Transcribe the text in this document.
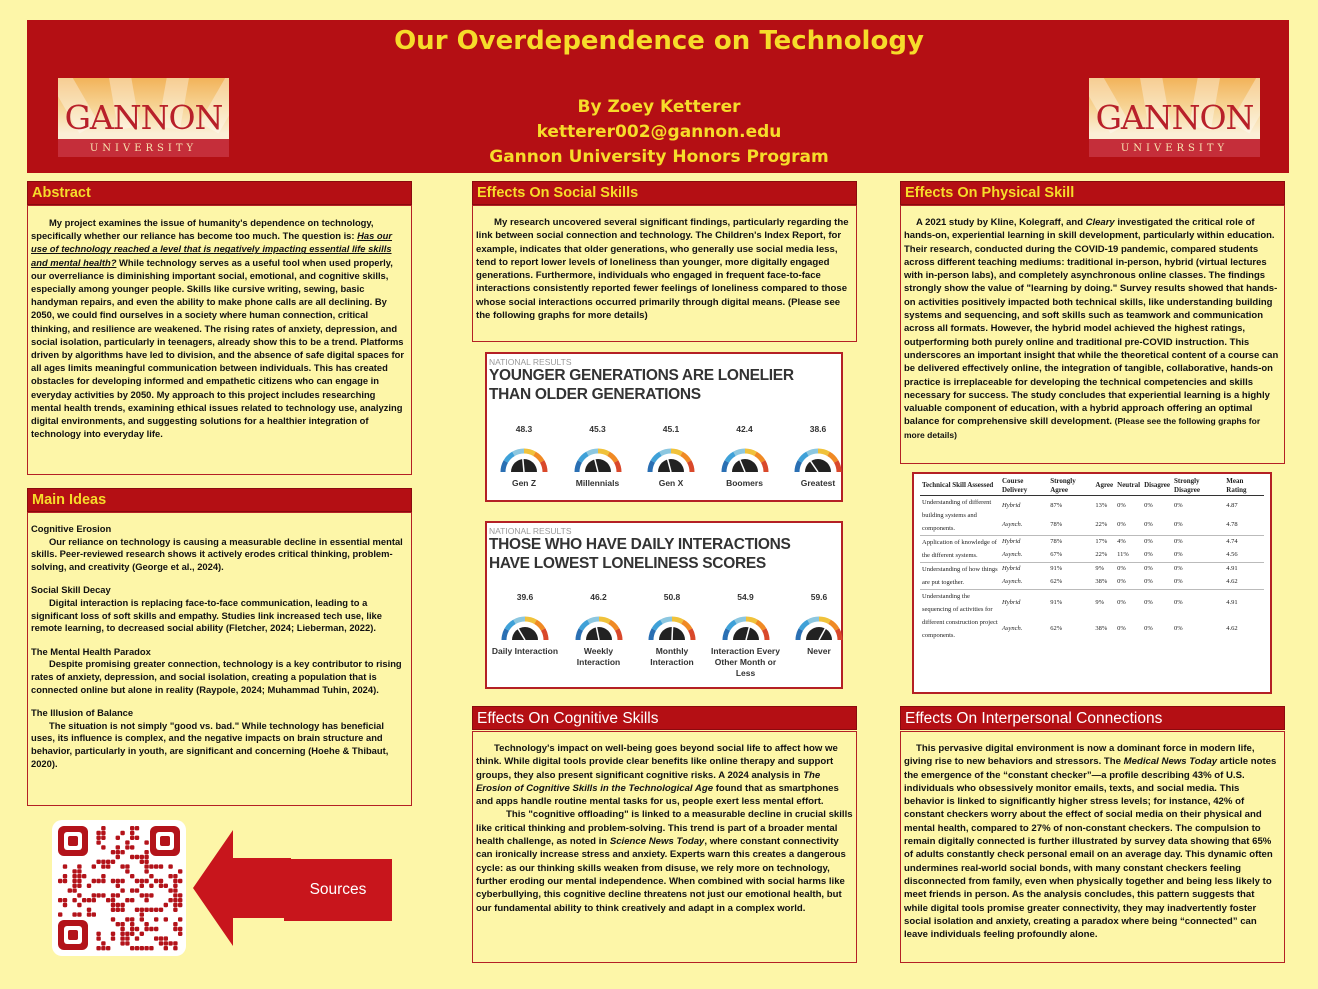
Our Overdependence on Technology
By Zoey Ketterer
ketterer002@gannon.edu
Gannon University Honors Program
GANNON
UNIVERSITY
GANNON
UNIVERSITY
Abstract

My project examines the issue of humanity's dependence on technology, specifically whether our reliance has become too much. The question is: Has our use of technology reached a level that is negatively impacting essential life skills and mental health? While technology serves as a useful tool when used properly, our overreliance is diminishing important social, emotional, and cognitive skills, especially among younger people. Skills like cursive writing, sewing, basic handyman repairs, and even the ability to make phone calls are all declining. By 2050, we could find ourselves in a society where human connection, critical thinking, and resilience are weakened. The rising rates of anxiety, depression, and social isolation, particularly in teenagers, already show this to be a trend. Platforms driven by algorithms have led to division, and the absence of safe digital spaces for all ages limits meaningful communication between individuals. This has created obstacles for developing informed and empathetic citizens who can engage in everyday activities by 2050. My approach to this project includes researching mental health trends, examining ethical issues related to technology use, analyzing digital environments, and suggesting solutions for a healthier integration of technology into everyday life.

Main Ideas
Cognitive Erosion

Our reliance on technology is causing a measurable decline in essential mental skills. Peer-reviewed research shows it actively erodes critical thinking, problem-solving, and creativity (George et al., 2024).

Social Skill Decay

Digital interaction is replacing face-to-face communication, leading to a significant loss of soft skills and empathy. Studies link increased tech use, like remote learning, to decreased social ability (Fletcher, 2024; Lieberman, 2022).

The Mental Health Paradox

Despite promising greater connection, technology is a key contributor to rising rates of anxiety, depression, and social isolation, creating a population that is connected online but alone in reality (Raypole, 2024; Muhammad Tuhin, 2024).

The Illusion of Balance

The situation is not simply "good vs. bad." While technology has beneficial uses, its influence is complex, and the negative impacts on brain structure and behavior, particularly in youth, are significant and concerning (Hoehe & Thibaut, 2020).

Sources
Effects On Social Skills

My research uncovered several significant findings, particularly regarding the link between social connection and technology. The Children's Index Report, for example, indicates that older generations, who generally use social media less, tend to report lower levels of loneliness than younger, more digitally engaged generations. Furthermore, individuals who engaged in frequent face-to-face interactions consistently reported fewer feelings of loneliness compared to those whose social interactions occurred primarily through digital means. (Please see the following graphs for more details)

NATIONAL RESULTS
YOUNGER GENERATIONS ARE LONELIER THAN OLDER GENERATIONS
48.3
Gen Z
45.3
Millennials
45.1
Gen X
42.4
Boomers
38.6
Greatest
NATIONAL RESULTS
THOSE WHO HAVE DAILY INTERACTIONS HAVE LOWEST LONELINESS SCORES
39.6
Daily Interaction
46.2
Weekly Interaction
50.8
Monthly Interaction
54.9
Interaction Every Other Month or Less
59.6
Never
Effects On Cognitive Skills

Technology's impact on well-being goes beyond social life to affect how we think. While digital tools provide clear benefits like online therapy and support groups, they also present significant cognitive risks. A 2024 analysis in The Erosion of Cognitive Skills in the Technological Age found that as smartphones and apps handle routine mental tasks for us, people exert less mental effort.

This "cognitive offloading" is linked to a measurable decline in crucial skills like critical thinking and problem-solving. This trend is part of a broader mental health challenge, as noted in Science News Today, where constant connectivity can ironically increase stress and anxiety. Experts warn this creates a dangerous cycle: as our thinking skills weaken from disuse, we rely more on technology, further eroding our mental independence. When combined with social harms like cyberbullying, this cognitive decline threatens not just our emotional health, but our fundamental ability to think creatively and adapt in a complex world.

Effects On Physical Skill

A 2021 study by Kline, Kolegraff, and Cleary investigated the critical role of hands-on, experiential learning in skill development, particularly within education. Their research, conducted during the COVID-19 pandemic, compared students across different teaching mediums: traditional in-person, hybrid (virtual lectures with in-person labs), and completely asynchronous online classes. The findings strongly show the value of "learning by doing." Survey results showed that hands-on activities positively impacted both technical skills, like understanding building systems and sequencing, and soft skills such as teamwork and communication across all formats. However, the hybrid model achieved the highest ratings, outperforming both purely online and traditional pre-COVID instruction. This underscores an important insight that while the theoretical content of a course can be delivered effectively online, the integration of tangible, collaborative, hands-on practice is irreplaceable for developing the technical competencies and skills necessary for success. The study concludes that experiential learning is a highly valuable component of education, with a hybrid approach offering an optimal balance for comprehensive skill development. (Please see the following graphs for more details)

Technical Skill Assessed	Course Delivery	Strongly Agree	Agree	Neutral	Disagree	Strongly Disagree	Mean Rating
Understanding of different building systems and components.	Hybrid	87%	13%	0%	0%	0%	4.87
	Asynch.	78%	22%	0%	0%	0%	4.78
Application of knowledge of the different systems.	Hybrid	78%	17%	4%	0%	0%	4.74
	Asynch.	67%	22%	11%	0%	0%	4.56
Understanding of how things are put together.	Hybrid	91%	9%	0%	0%	0%	4.91
	Asynch.	62%	38%	0%	0%	0%	4.62
Understanding the sequencing of activities for different construction project components.	Hybrid	91%	9%	0%	0%	0%	4.91
	Asynch.	62%	38%	0%	0%	0%	4.62
Effects On Interpersonal Connections

This pervasive digital environment is now a dominant force in modern life, giving rise to new behaviors and stressors. The Medical News Today article notes the emergence of the “constant checker”—a profile describing 43% of U.S. individuals who obsessively monitor emails, texts, and social media. This behavior is linked to significantly higher stress levels; for instance, 42% of constant checkers worry about the effect of social media on their physical and mental health, compared to 27% of non-constant checkers. The compulsion to remain digitally connected is further illustrated by survey data showing that 65% of adults constantly check personal email on an average day. This dynamic often undermines real-world social bonds, with many constant checkers feeling disconnected from family, even when physically together and being less likely to meet friends in person. As the analysis concludes, this pattern suggests that while digital tools promise greater connectivity, they may inadvertently foster social isolation and anxiety, creating a paradox where being “connected” can leave individuals feeling profoundly alone.
